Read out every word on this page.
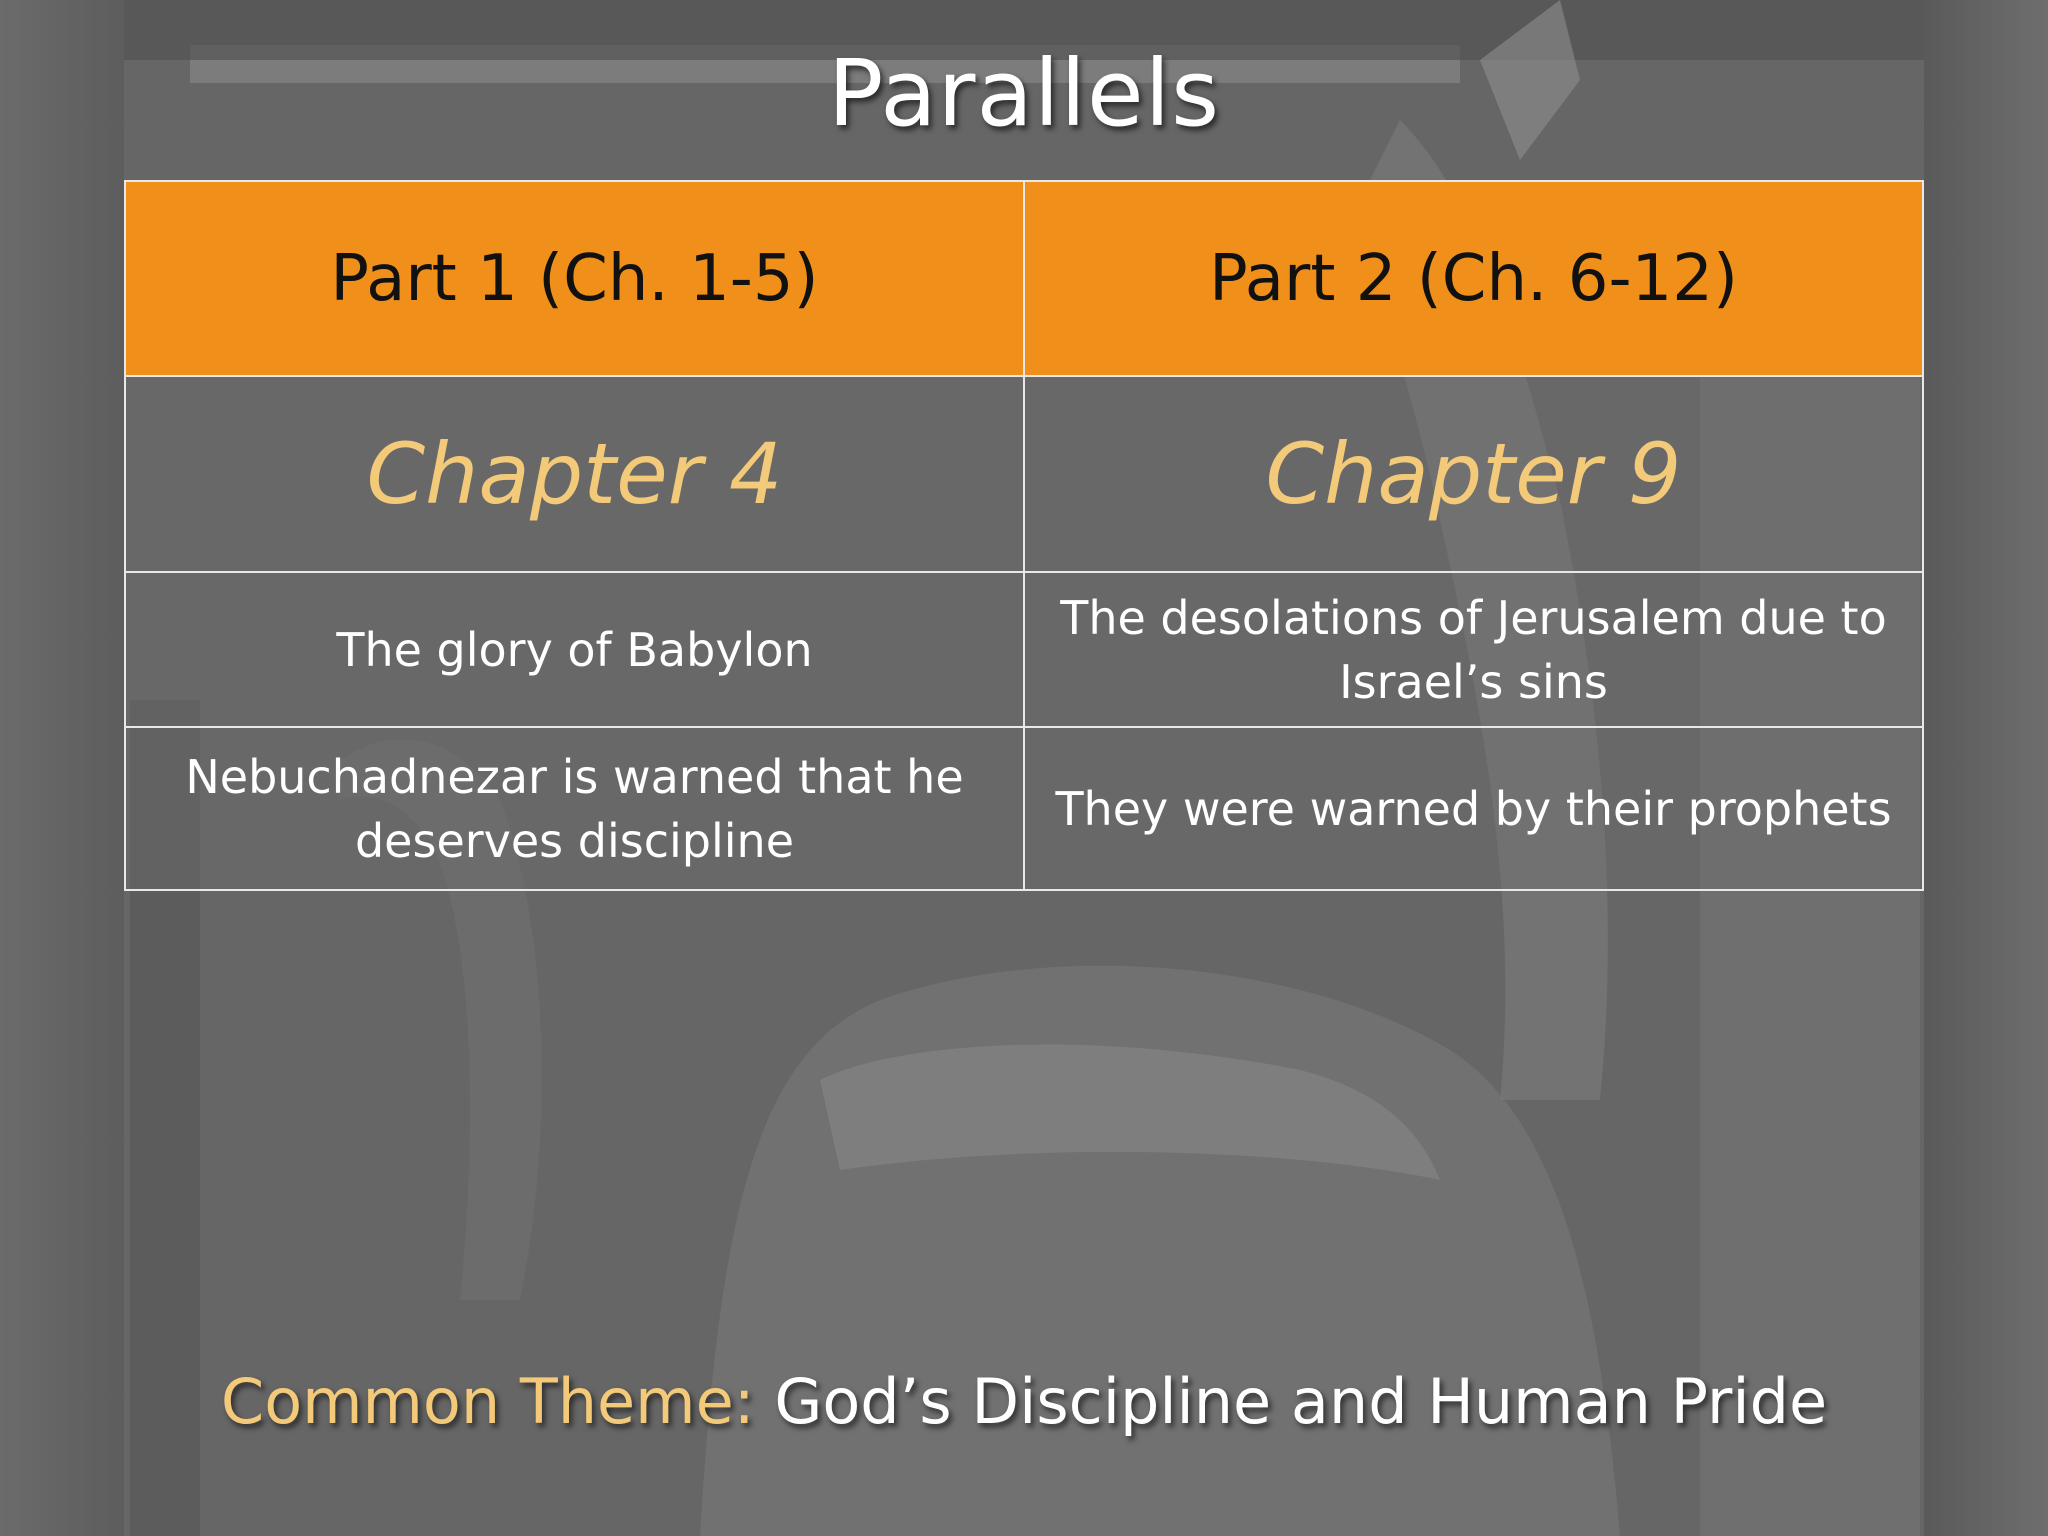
Parallels
Part 1 (Ch. 1-5)	Part 2 (Ch. 6-12)
Chapter 4	Chapter 9
The glory of Babylon	The desolations of Jerusalem due to Israel’s sins
Nebuchadnezar is warned that he deserves discipline	They were warned by their prophets
Common Theme: God’s Discipline and Human Pride
